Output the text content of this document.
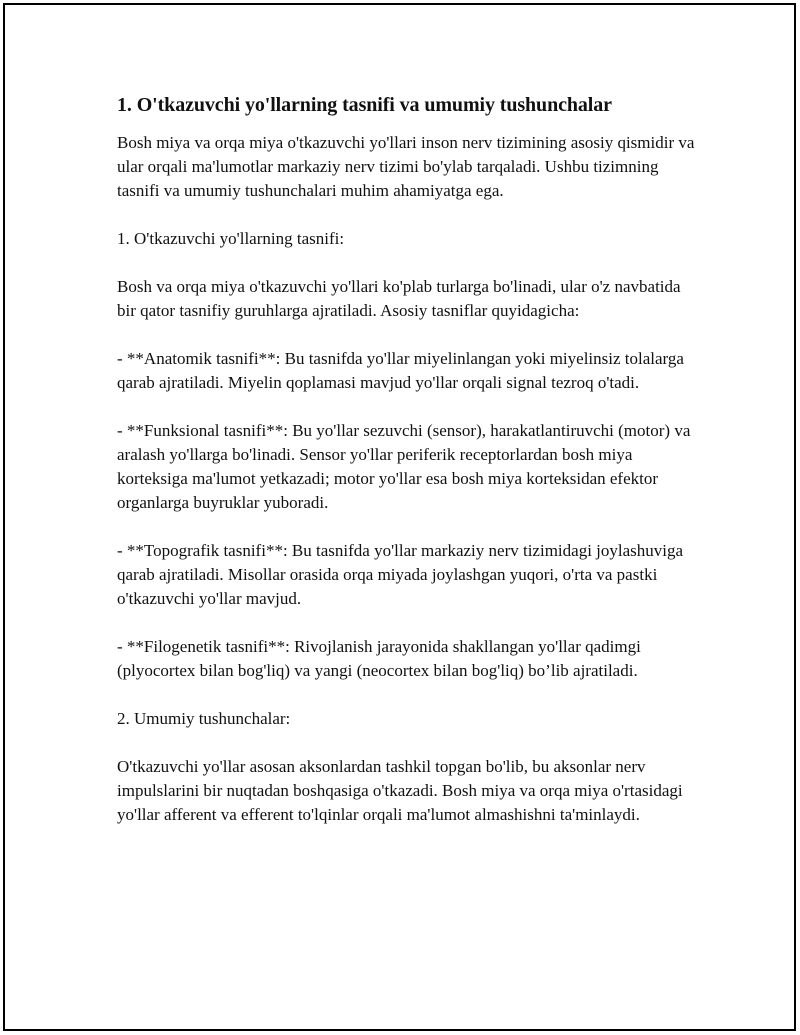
1. O'tkazuvchi yo'llarning tasnifi va umumiy tushunchalar

Bosh miya va orqa miya o'tkazuvchi yo'llari inson nerv tizimining asosiy qismidir va ular orqali ma'lumotlar markaziy nerv tizimi bo'ylab tarqaladi. Ushbu tizimning tasnifi va umumiy tushunchalari muhim ahamiyatga ega.

1. O'tkazuvchi yo'llarning tasnifi:

Bosh va orqa miya o'tkazuvchi yo'llari ko'plab turlarga bo'linadi, ular o'z navbatida bir qator tasnifiy guruhlarga ajratiladi. Asosiy tasniflar quyidagicha:

- **Anatomik tasnifi**: Bu tasnifda yo'llar miyelinlangan yoki miyelinsiz tolalarga qarab ajratiladi. Miyelin qoplamasi mavjud yo'llar orqali signal tezroq o'tadi.

- **Funksional tasnifi**: Bu yo'llar sezuvchi (sensor), harakatlantiruvchi (motor) va aralash yo'llarga bo'linadi. Sensor yo'llar periferik receptorlardan bosh miya korteksiga ma'lumot yetkazadi; motor yo'llar esa bosh miya korteksidan efektor organlarga buyruklar yuboradi.

- **Topografik tasnifi**: Bu tasnifda yo'llar markaziy nerv tizimidagi joylashuviga qarab ajratiladi. Misollar orasida orqa miyada joylashgan yuqori, o'rta va pastki o'tkazuvchi yo'llar mavjud.

- **Filogenetik tasnifi**: Rivojlanish jarayonida shakllangan yo'llar qadimgi (plyocortex bilan bog'liq) va yangi (neocortex bilan bog'liq) bo’lib ajratiladi.

2. Umumiy tushunchalar:

O'tkazuvchi yo'llar asosan aksonlardan tashkil topgan bo'lib, bu aksonlar nerv impulslarini bir nuqtadan boshqasiga o'tkazadi. Bosh miya va orqa miya o'rtasidagi yo'llar afferent va efferent to'lqinlar orqali ma'lumot almashishni ta'minlaydi.
